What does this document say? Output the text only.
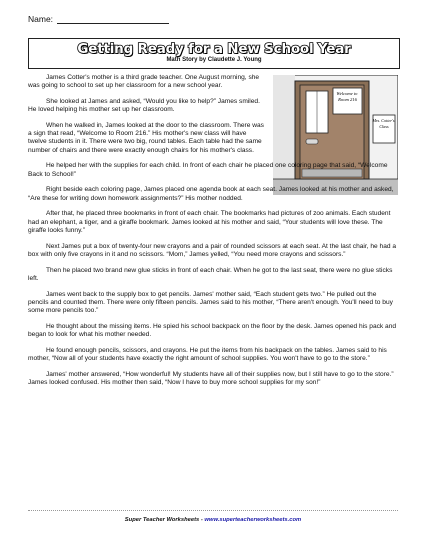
Name:
Getting Ready for a New School Year
Math Story by Claudette J. Young
Welcome to Room 216
Mrs. Cotter's Class

James Cotter's mother is a third grade teacher. One August morning, she was going to school to set up her classroom for a new school year.

She looked at James and asked, “Would you like to help?” James smiled. He loved helping his mother set up her classroom.

When he walked in, James looked at the door to the classroom. There was a sign that read, “Welcome to Room 216.” His mother's new class will have twelve students in it. There were two big, round tables. Each table had the same number of chairs and there were exactly enough chairs for his mother's class.

He helped her with the supplies for each child. In front of each chair he placed one coloring page that said, “Welcome Back to School!”

Right beside each coloring page, James placed one agenda book at each seat. James looked at his mother and asked, “Are these for writing down homework assignments?” His mother nodded.

After that, he placed three bookmarks in front of each chair. The bookmarks had pictures of zoo animals. Each student had an elephant, a tiger, and a giraffe bookmark. James looked at his mother and said, “Your students will love these. The giraffe looks funny.”

Next James put a box of twenty-four new crayons and a pair of rounded scissors at each seat. At the last chair, he had a box with only five crayons in it and no scissors. “Mom,” James yelled, “You need more crayons and scissors.”

Then he placed two brand new glue sticks in front of each chair. When he got to the last seat, there were no glue sticks left.

James went back to the supply box to get pencils. James' mother said, “Each student gets two.” He pulled out the pencils and counted them. There were only fifteen pencils. James said to his mother, “There aren't enough. You'll need to buy some more pencils too.”

He thought about the missing items. He spied his school backpack on the floor by the desk. James opened his pack and began to look for what his mother needed.

He found enough pencils, scissors, and crayons. He put the items from his backpack on the tables. James said to his mother, “Now all of your students have exactly the right amount of school supplies. You won't have to go to the store.”

James' mother answered, “How wonderful! My students have all of their supplies now, but I still have to go to the store.” James looked confused. His mother then said, “Now I have to buy more school supplies for my son!”

Super Teacher Worksheets - www.superteacherworksheets.com
